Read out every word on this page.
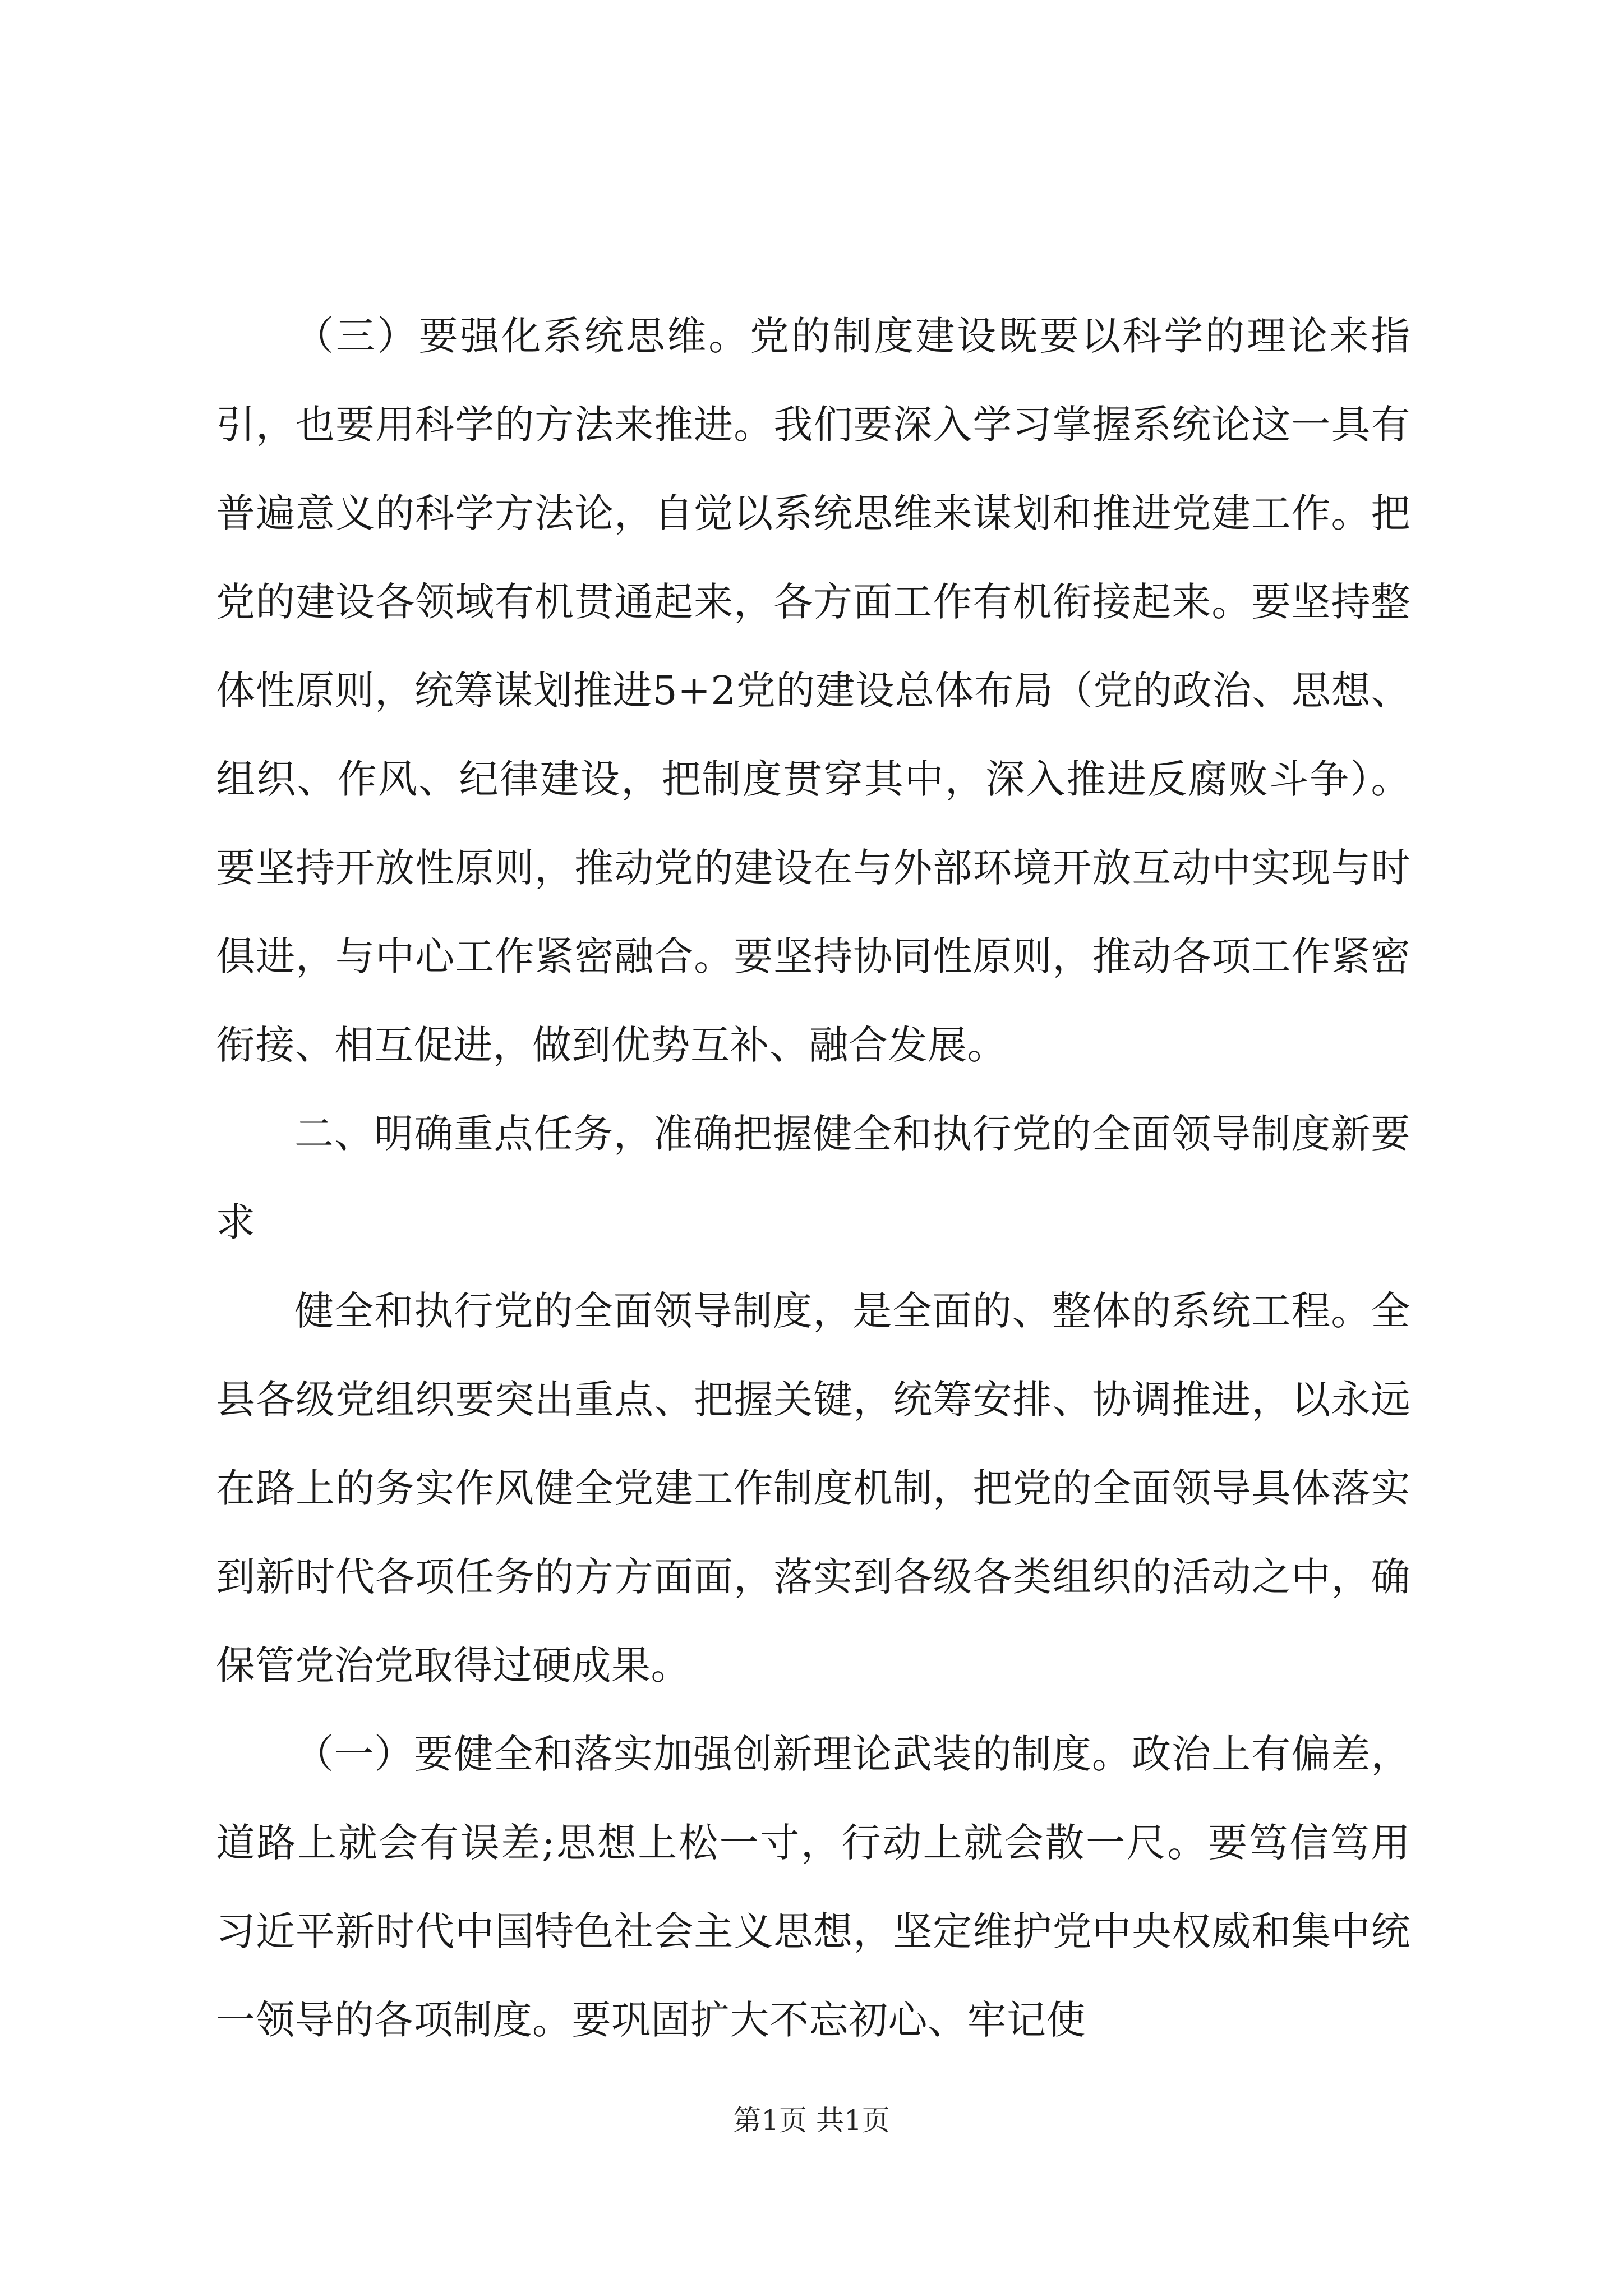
（三）要强化系统思维。党的制度建设既要以科学的理论来指引，也要用科学的方法来推进。我们要深入学习掌握系统论这一具有普遍意义的科学方法论，自觉以系统思维来谋划和推进党建工作。把党的建设各领域有机贯通起来，各方面工作有机衔接起来。要坚持整体性原则，统筹谋划推进5+2党的建设总体布局（党的政治、思想、组织、作风、纪律建设，把制度贯穿其中，深入推进反腐败斗争）。要坚持开放性原则，推动党的建设在与外部环境开放互动中实现与时俱进，与中心工作紧密融合。要坚持协同性原则，推动各项工作紧密衔接、相互促进，做到优势互补、融合发展。

二、明确重点任务，准确把握健全和执行党的全面领导制度新要求

健全和执行党的全面领导制度，是全面的、整体的系统工程。全县各级党组织要突出重点、把握关键，统筹安排、协调推进，以永远在路上的务实作风健全党建工作制度机制，把党的全面领导具体落实到新时代各项任务的方方面面，落实到各级各类组织的活动之中，确保管党治党取得过硬成果。

（一）要健全和落实加强创新理论武装的制度。政治上有偏差，道路上就会有误差;思想上松一寸，行动上就会散一尺。要笃信笃用习近平新时代中国特色社会主义思想，坚定维护党中央权威和集中统一领导的各项制度。要巩固扩大不忘初心、牢记使

第1页 共1页
